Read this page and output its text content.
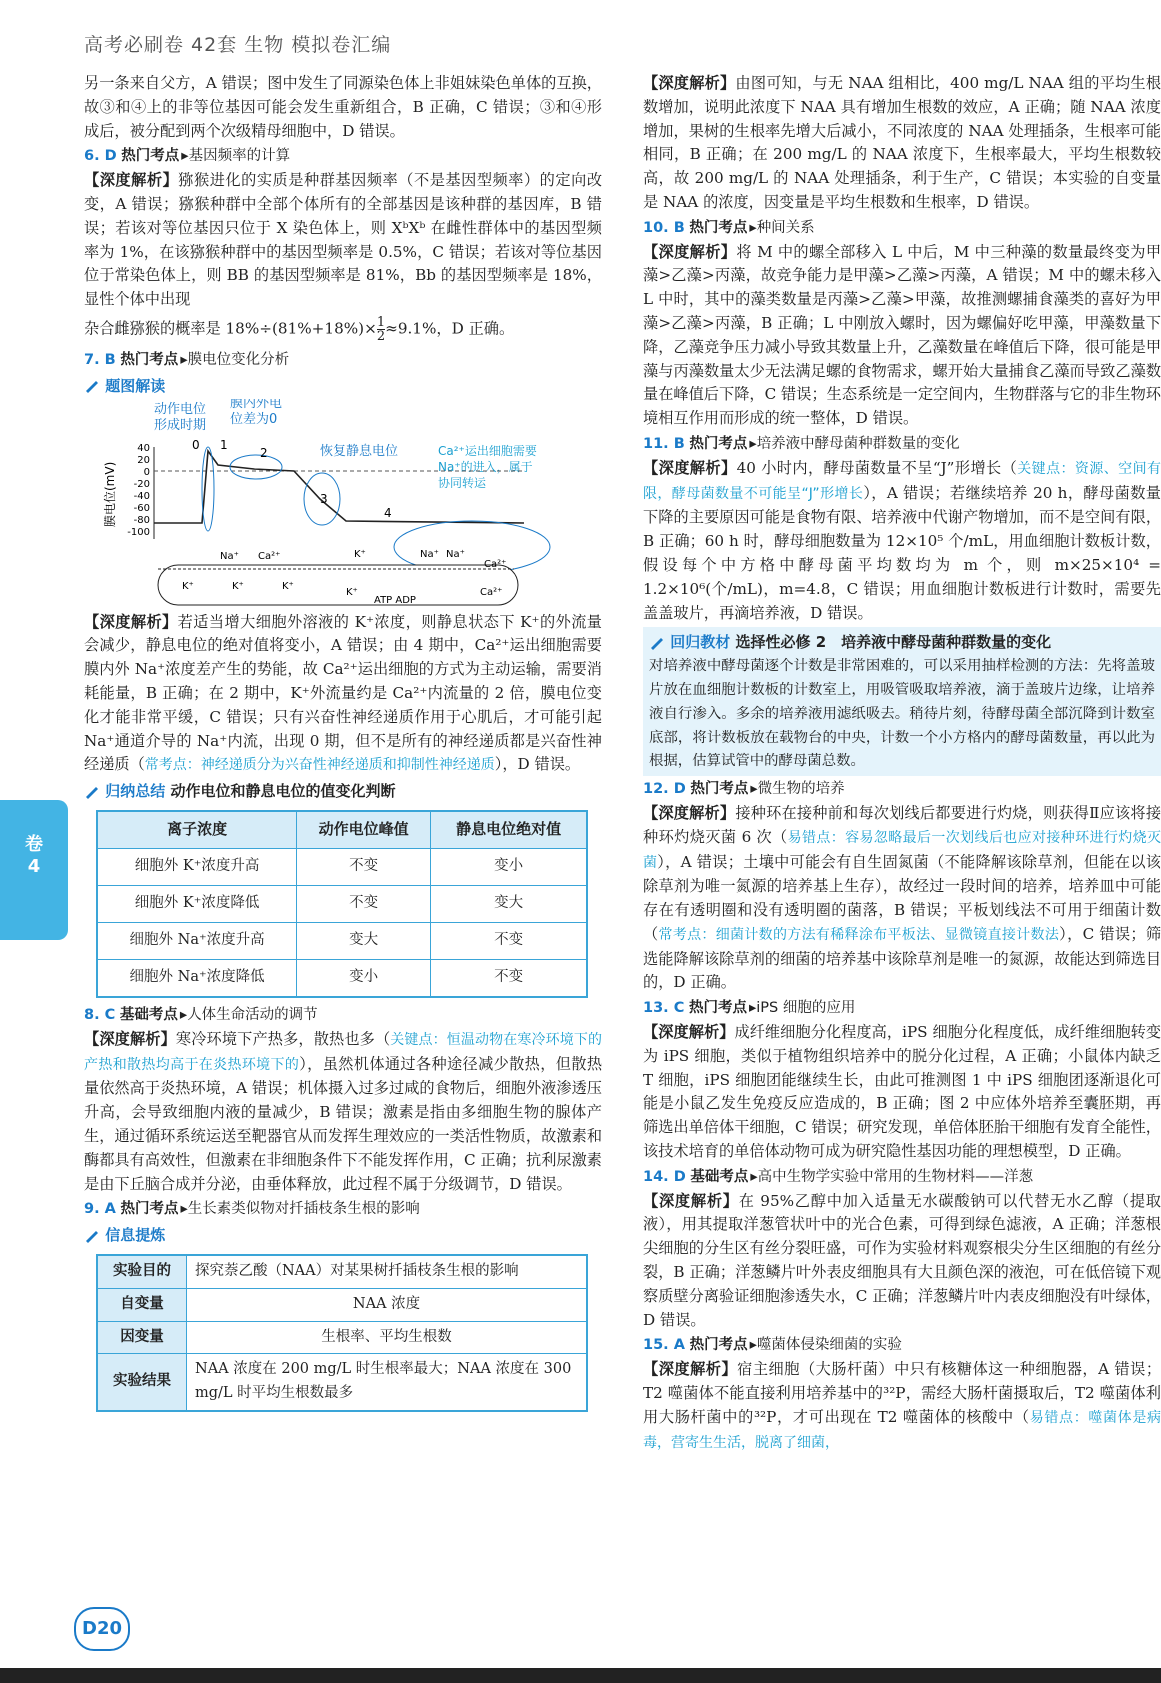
高考必刷卷 42套 生物 模拟卷汇编
卷
4

另一条来自父方，A 错误；图中发生了同源染色体上非姐妹染色单体的互换，故③和④上的非等位基因可能会发生重新组合，B 正确，C 错误；③和④形成后，被分配到两个次级精母细胞中，D 错误。

6. D 热门考点 ▸基因频率的计算

【深度解析】猕猴进化的实质是种群基因频率（不是基因型频率）的定向改变，A 错误；猕猴种群中全部个体所有的全部基因是该种群的基因库，B 错误；若该对等位基因只位于 X 染色体上，则 XᵇXᵇ 在雌性群体中的基因型频率为 1%，在该猕猴种群中的基因型频率是 0.5%，C 错误；若该对等位基因位于常染色体上，则 BB 的基因型频率是 81%，Bb 的基因型频率是 18%，显性个体中出现

杂合雌猕猴的概率是 $18\%\div(81\%+18\%)\times \frac{1}{2} \approx 9.1\%$，D 正确。

7. B 热门考点 ▸膜电位变化分析
题图解读
动作电位
形成时期
膜内外电
位差为0
恢复静息电位	Ca²⁺运出细胞需要
Na⁺的进入，属于
协同转运
膜电位(mV)
40
20
0
-20
-40
-60
-80
-100
0 1
2
3
4
Na⁺ Ca²⁺	K⁺	Na⁺ Na⁺
Ca²⁺
K⁺	K⁺	K⁺
K⁺	Ca²⁺
ATP ADP

【深度解析】若适当增大细胞外溶液的 K⁺浓度，则静息状态下 K⁺的外流量会减少，静息电位的绝对值将变小，A 错误；由 4 期中，Ca²⁺运出细胞需要膜内外 Na⁺浓度差产生的势能，故 Ca²⁺运出细胞的方式为主动运输，需要消耗能量，B 正确；在 2 期中，K⁺外流量约是 Ca²⁺内流量的 2 倍，膜电位变化才能非常平缓，C 错误；只有兴奋性神经递质作用于心肌后，才可能引起 Na⁺通道介导的 Na⁺内流，出现 0 期，但不是所有的神经递质都是兴奋性神经递质（常考点：神经递质分为兴奋性神经递质和抑制性神经递质），D 错误。

归纳总结 动作电位和静息电位的值变化判断
离子浓度	动作电位峰值	静息电位绝对值
细胞外 K⁺浓度升高	不变	变小
细胞外 K⁺浓度降低	不变	变大
细胞外 Na⁺浓度升高	变大	不变
细胞外 Na⁺浓度降低	变小	不变
8. C 基础考点 ▸人体生命活动的调节

【深度解析】寒冷环境下产热多，散热也多（关键点：恒温动物在寒冷环境下的产热和散热均高于在炎热环境下的），虽然机体通过各种途径减少散热，但散热量依然高于炎热环境，A 错误；机体摄入过多过咸的食物后，细胞外液渗透压升高，会导致细胞内液的量减少，B 错误；激素是指由多细胞生物的腺体产生，通过循环系统运送至靶器官从而发挥生理效应的一类活性物质，故激素和酶都具有高效性，但激素在非细胞条件下不能发挥作用，C 正确；抗利尿激素是由下丘脑合成并分泌，由垂体释放，此过程不属于分级调节，D 错误。

9. A 热门考点 ▸生长素类似物对扦插枝条生根的影响
信息提炼
实验目的	探究萘乙酸（NAA）对某果树扦插枝条生根的影响
自变量	NAA 浓度
因变量	生根率、平均生根数
实验结果	NAA 浓度在 200 mg/L 时生根率最大；NAA 浓度在 300 mg/L 时平均生根数最多

【深度解析】由图可知，与无 NAA 组相比，400 mg/L NAA 组的平均生根数增加，说明此浓度下 NAA 具有增加生根数的效应，A 正确；随 NAA 浓度增加，果树的生根率先增大后减小，不同浓度的 NAA 处理插条，生根率可能相同，B 正确；在 200 mg/L 的 NAA 浓度下，生根率最大，平均生根数较高，故 200 mg/L 的 NAA 处理插条，利于生产，C 错误；本实验的自变量是 NAA 的浓度，因变量是平均生根数和生根率，D 错误。

10. B 热门考点 ▸种间关系

【深度解析】将 M 中的螺全部移入 L 中后，M 中三种藻的数量最终变为甲藻>乙藻>丙藻，故竞争能力是甲藻>乙藻>丙藻，A 错误；M 中的螺未移入 L 中时，其中的藻类数量是丙藻>乙藻>甲藻，故推测螺捕食藻类的喜好为甲藻>乙藻>丙藻，B 正确；L 中刚放入螺时，因为螺偏好吃甲藻，甲藻数量下降，乙藻竞争压力减小导致其数量上升，乙藻数量在峰值后下降，很可能是甲藻与丙藻数量太少无法满足螺的食物需求，螺开始大量捕食乙藻而导致乙藻数量在峰值后下降，C 错误；生态系统是一定空间内，生物群落与它的非生物环境相互作用而形成的统一整体，D 错误。

11. B 热门考点 ▸培养液中酵母菌种群数量的变化

【深度解析】40 小时内，酵母菌数量不呈“J”形增长（关键点：资源、空间有限，酵母菌数量不可能呈“J”形增长），A 错误；若继续培养 20 h，酵母菌数量下降的主要原因可能是食物有限、培养液中代谢产物增加，而不是空间有限，B 正确；60 h 时，酵母细胞数量为 12×10⁵ 个/mL，用血细胞计数板计数，假设每个中方格中酵母菌平均数均为 m 个，则 m×25×10⁴ = 1.2×10⁶(个/mL)，m=4.8，C 错误；用血细胞计数板进行计数时，需要先盖盖玻片，再滴培养液，D 错误。

回归教材 选择性必修 2　培养液中酵母菌种群数量的变化

对培养液中酵母菌逐个计数是非常困难的，可以采用抽样检测的方法：先将盖玻片放在血细胞计数板的计数室上，用吸管吸取培养液，滴于盖玻片边缘，让培养液自行渗入。多余的培养液用滤纸吸去。稍待片刻，待酵母菌全部沉降到计数室底部，将计数板放在载物台的中央，计数一个小方格内的酵母菌数量，再以此为根据，估算试管中的酵母菌总数。

12. D 热门考点 ▸微生物的培养

【深度解析】接种环在接种前和每次划线后都要进行灼烧，则获得Ⅱ应该将接种环灼烧灭菌 6 次（易错点：容易忽略最后一次划线后也应对接种环进行灼烧灭菌），A 错误；土壤中可能会有自生固氮菌（不能降解该除草剂，但能在以该除草剂为唯一氮源的培养基上生存），故经过一段时间的培养，培养皿中可能存在有透明圈和没有透明圈的菌落，B 错误；平板划线法不可用于细菌计数（常考点：细菌计数的方法有稀释涂布平板法、显微镜直接计数法），C 错误；筛选能降解该除草剂的细菌的培养基中该除草剂是唯一的氮源，故能达到筛选目的，D 正确。

13. C 热门考点 ▸iPS 细胞的应用

【深度解析】成纤维细胞分化程度高，iPS 细胞分化程度低，成纤维细胞转变为 iPS 细胞，类似于植物组织培养中的脱分化过程，A 正确；小鼠体内缺乏 T 细胞，iPS 细胞团能继续生长，由此可推测图 1 中 iPS 细胞团逐渐退化可能是小鼠乙发生免疫反应造成的，B 正确；图 2 中应体外培养至囊胚期，再筛选出单倍体干细胞，C 错误；研究发现，单倍体胚胎干细胞有发育全能性，该技术培育的单倍体动物可成为研究隐性基因功能的理想模型，D 正确。

14. D 基础考点 ▸高中生物学实验中常用的生物材料——洋葱

【深度解析】在 95%乙醇中加入适量无水碳酸钠可以代替无水乙醇（提取液），用其提取洋葱管状叶中的光合色素，可得到绿色滤液，A 正确；洋葱根尖细胞的分生区有丝分裂旺盛，可作为实验材料观察根尖分生区细胞的有丝分裂，B 正确；洋葱鳞片叶外表皮细胞具有大且颜色深的液泡，可在低倍镜下观察质壁分离验证细胞渗透失水，C 正确；洋葱鳞片叶内表皮细胞没有叶绿体，D 错误。

15. A 热门考点 ▸噬菌体侵染细菌的实验

【深度解析】宿主细胞（大肠杆菌）中只有核糖体这一种细胞器，A 错误；T2 噬菌体不能直接利用培养基中的³²P，需经大肠杆菌摄取后，T2 噬菌体利用大肠杆菌中的³²P，才可出现在 T2 噬菌体的核酸中（易错点：噬菌体是病毒，营寄生生活，脱离了细菌，

D20
